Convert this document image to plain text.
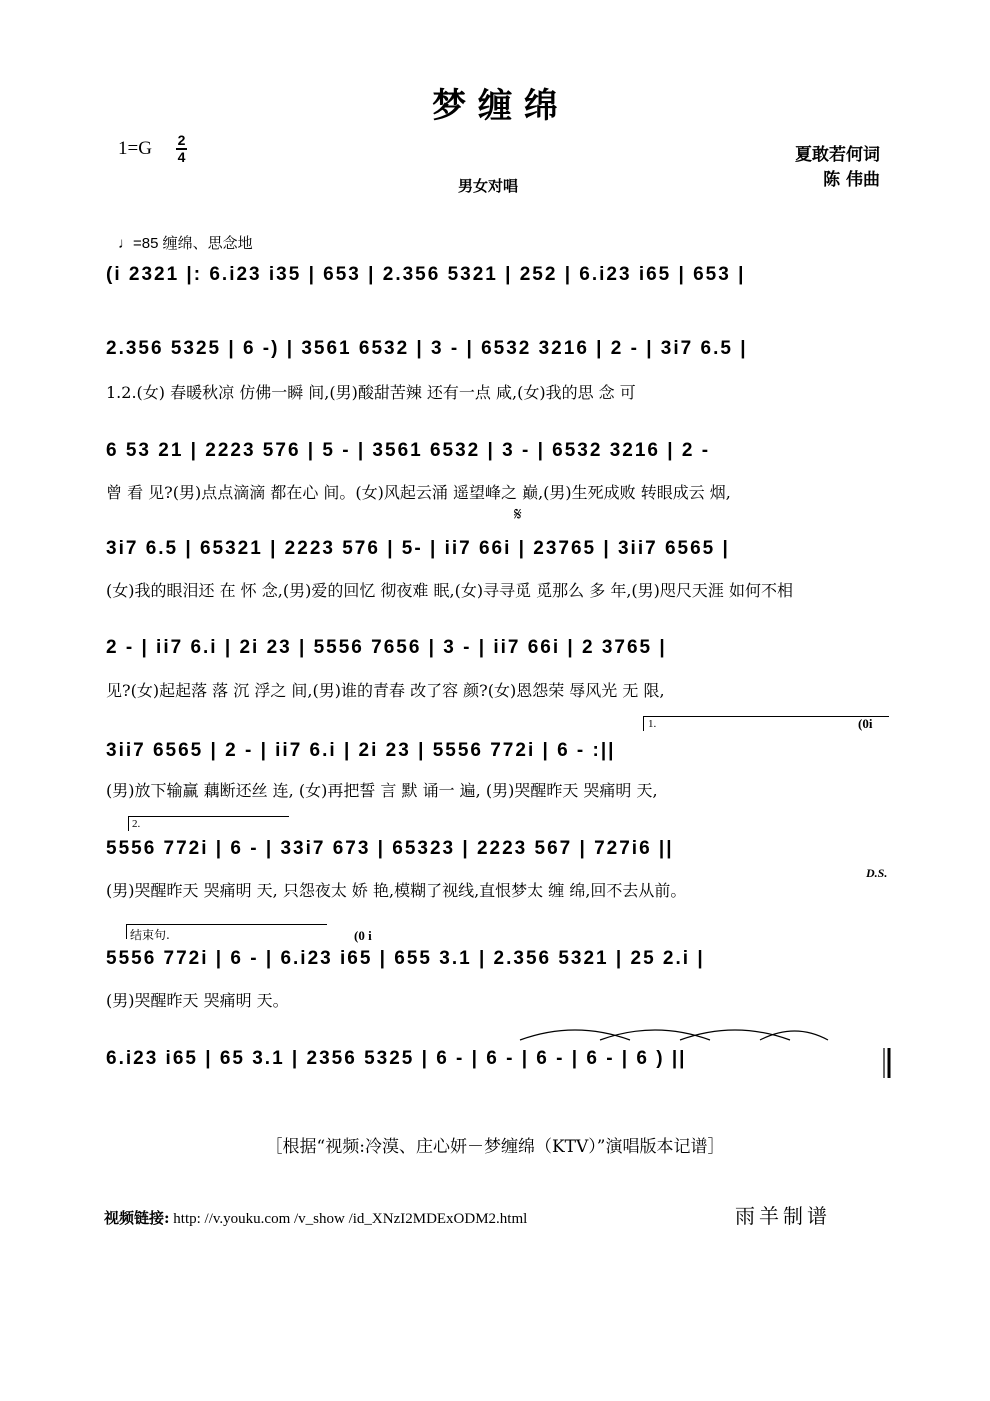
梦 缠 绵
1=G 2
4	夏敢若何词
陈 伟曲
男女对唱
♩=85 缠绵、思念地
(i 2321 |: 6.i23 i35 | 653 | 2.356 5321 | 252 | 6.i23 i65 | 653 |
2.356 5325 | 6 -) | 3561 6532 | 3 - | 6532 3216 | 2 - | 3i7 6.5 |
1.2.(女) 春暖秋凉 仿佛一瞬 间,(男)酸甜苦辣 还有一点 咸,(女)我的思 念 可
6 53 21 | 2223 576 | 5 - | 3561 6532 | 3 - | 6532 3216 | 2 -
曾 看 见?(男)点点滴滴 都在心 间。(女)风起云涌 遥望峰之 巅,(男)生死成败 转眼成云 烟,
𝄋
3i7 6.5 | 65321 | 2223 576 | 5- | ii7 66i | 23765 | 3ii7 6565 |
(女)我的眼泪还 在 怀 念,(男)爱的回忆 彻夜难 眠,(女)寻寻觅 觅那么 多 年,(男)咫尺天涯 如何不相
2 - | ii7 6.i | 2i 23 | 5556 7656 | 3 - | ii7 66i | 2 3765 |
见?(女)起起落 落 沉 浮之 间,(男)谁的青春 改了容 颜?(女)恩怨荣 辱风光 无 限,
1.	(0i
3ii7 6565 | 2 - | ii7 6.i | 2i 23 | 5556 772i | 6 - :||
(男)放下输赢 藕断还丝 连, (女)再把誓 言 默 诵一 遍, (男)哭醒昨天 哭痛明 天,
2.
5556 772i | 6 - | 33i7 673 | 65323 | 2223 567 | 727i6 ||
D.S.
(男)哭醒昨天 哭痛明 天, 只怨夜太 娇 艳,模糊了视线,直恨梦太 缠 绵,回不去从前。
结束句.	(0 i
5556 772i | 6 - | 6.i23 i65 | 655 3.1 | 2.356 5321 | 25 2.i |
(男)哭醒昨天 哭痛明 天。
6.i23 i65 | 65 3.1 | 2356 5325 | 6 - | 6 - | 6 - | 6 - | 6 ) ||
［根据“视频:冷漠、庄心妍－梦缠绵（KTV）”演唱版本记谱］
视频链接: http: //v.youku.com /v_show /id_XNzI2MDExODM2.html	雨羊制谱
